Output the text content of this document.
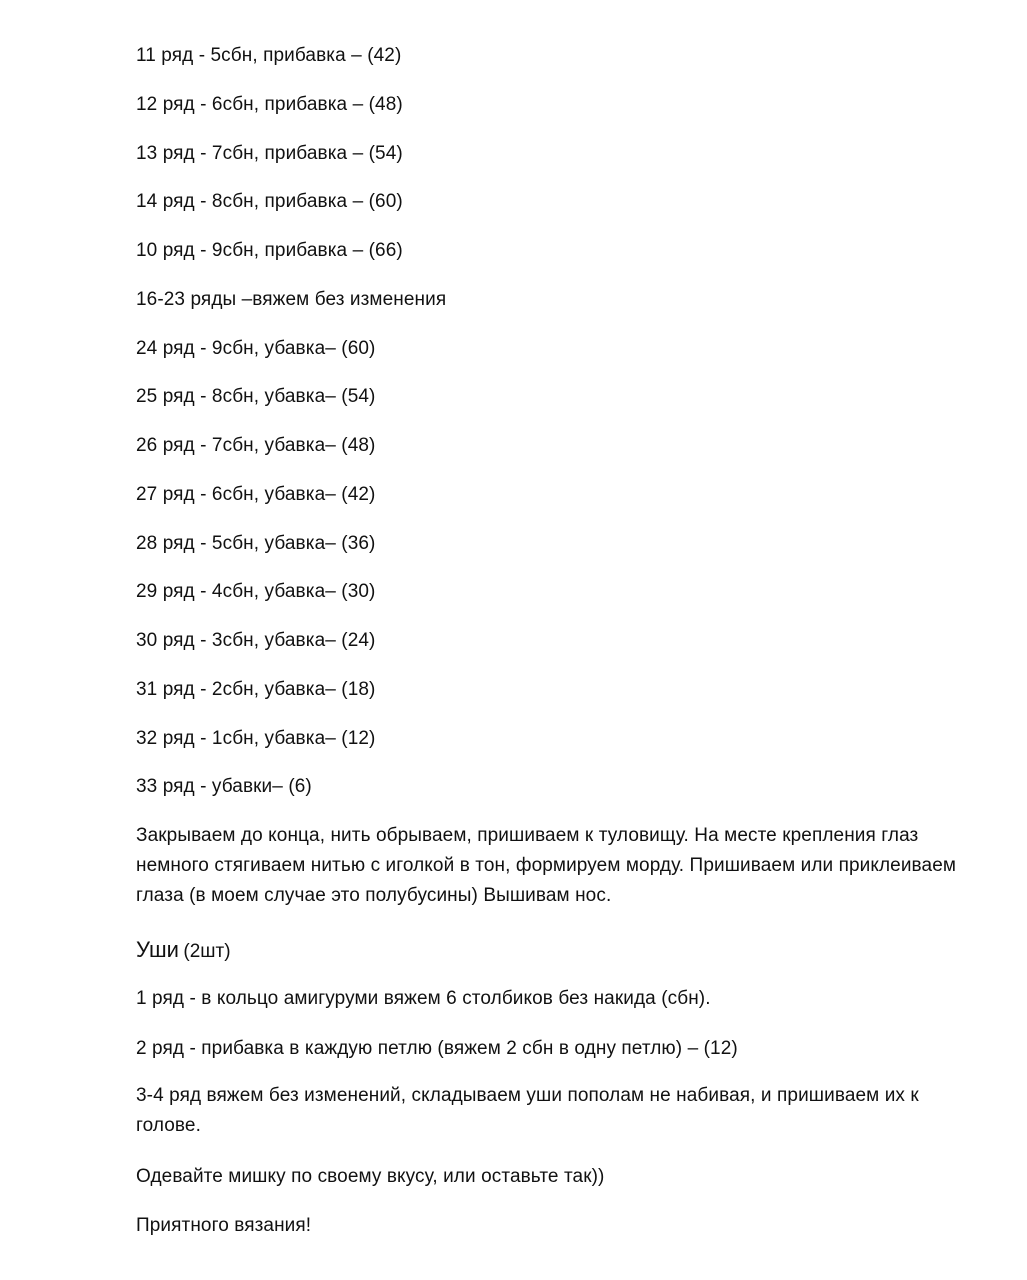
11 ряд - 5сбн, прибавка – (42)
12 ряд - 6сбн, прибавка – (48)
13 ряд - 7сбн, прибавка – (54)
14 ряд - 8сбн, прибавка – (60)
10 ряд - 9сбн, прибавка – (66)
16-23 ряды –вяжем без изменения
24 ряд - 9сбн, убавка– (60)
25 ряд - 8сбн, убавка– (54)
26 ряд - 7сбн, убавка– (48)
27 ряд - 6сбн, убавка– (42)
28 ряд - 5сбн, убавка– (36)
29 ряд - 4сбн, убавка– (30)
30 ряд - 3сбн, убавка– (24)
31 ряд - 2сбн, убавка– (18)
32 ряд - 1сбн, убавка– (12)
33 ряд - убавки– (6)
Закрываем до конца, нить обрываем, пришиваем к туловищу. На месте крепления глаз немного стягиваем нитью с иголкой в тон, формируем морду. Пришиваем или приклеиваем глаза (в моем случае это полубусины) Вышивам нос.
Уши (2шт)
1 ряд - в кольцо амигуруми вяжем 6 столбиков без накида (сбн).
2 ряд - прибавка в каждую петлю (вяжем 2 сбн в одну петлю) – (12)
3-4 ряд вяжем без изменений, складываем уши пополам не набивая, и пришиваем их к голове.
Одевайте мишку по своему вкусу, или оставьте так))
Приятного вязания!
